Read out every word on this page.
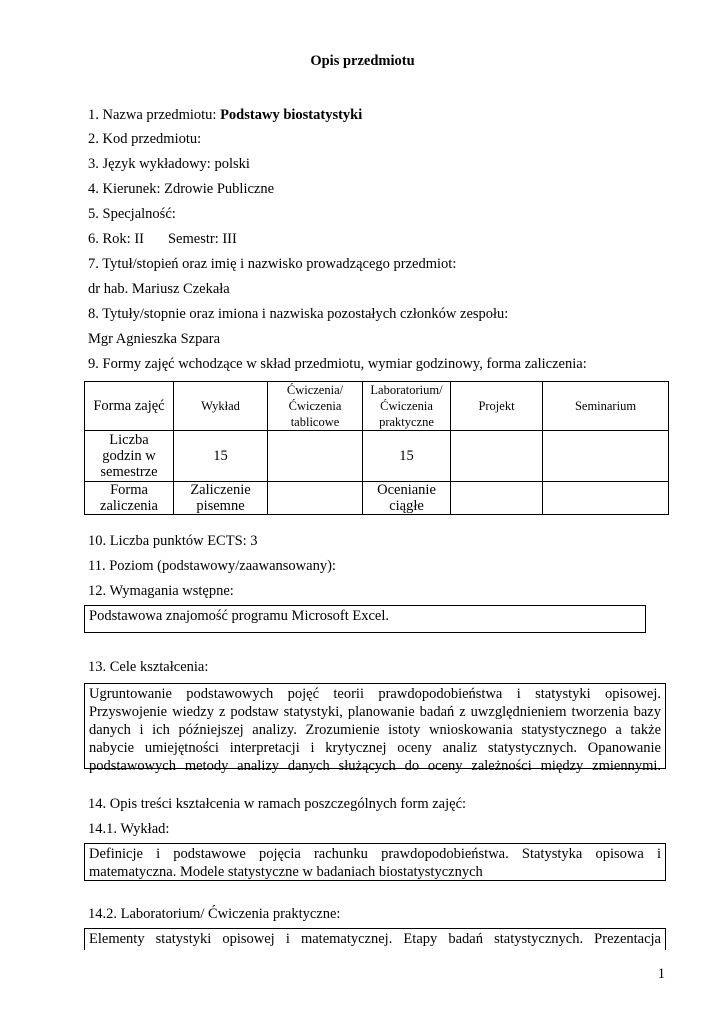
Opis przedmiotu
1. Nazwa przedmiotu: Podstawy biostatystyki
2. Kod przedmiotu:
3. Język wykładowy: polski
4. Kierunek: Zdrowie Publiczne
5. Specjalność:
6. Rok: II Semestr: III
7. Tytuł/stopień oraz imię i nazwisko prowadzącego przedmiot:
dr hab. Mariusz Czekała
8. Tytuły/stopnie oraz imiona i nazwiska pozostałych członków zespołu:
Mgr Agnieszka Szpara
9. Formy zajęć wchodzące w skład przedmiotu, wymiar godzinowy, forma zaliczenia:
Forma zajęć	Wykład	Ćwiczenia/
Ćwiczenia
tablicowe	Laboratorium/
Ćwiczenia
praktyczne	Projekt	Seminarium
Liczba
godzin w
semestrze	15		15		
Forma
zaliczenia	Zaliczenie
pisemne		Ocenianie
ciągłe		
10. Liczba punktów ECTS: 3
11. Poziom (podstawowy/zaawansowany):
12. Wymagania wstępne:

Podstawowa znajomość programu Microsoft Excel.

13. Cele kształcenia:

Ugruntowanie podstawowych pojęć teorii prawdopodobieństwa i statystyki opisowej.

Przyswojenie wiedzy z podstaw statystyki, planowanie badań z uwzględnieniem tworzenia bazy

danych i ich późniejszej analizy. Zrozumienie istoty wnioskowania statystycznego a także

nabycie umiejętności interpretacji i krytycznej oceny analiz statystycznych. Opanowanie

podstawowych metody analizy danych służących do oceny zależności między zmiennymi.

14. Opis treści kształcenia w ramach poszczególnych form zajęć:
14.1. Wykład:

Definicje i podstawowe pojęcia rachunku prawdopodobieństwa. Statystyka opisowa i

matematyczna. Modele statystyczne w badaniach biostatystycznych

14.2. Laboratorium/ Ćwiczenia praktyczne:

Elementy statystyki opisowej i matematycznej. Etapy badań statystycznych. Prezentacja

1
